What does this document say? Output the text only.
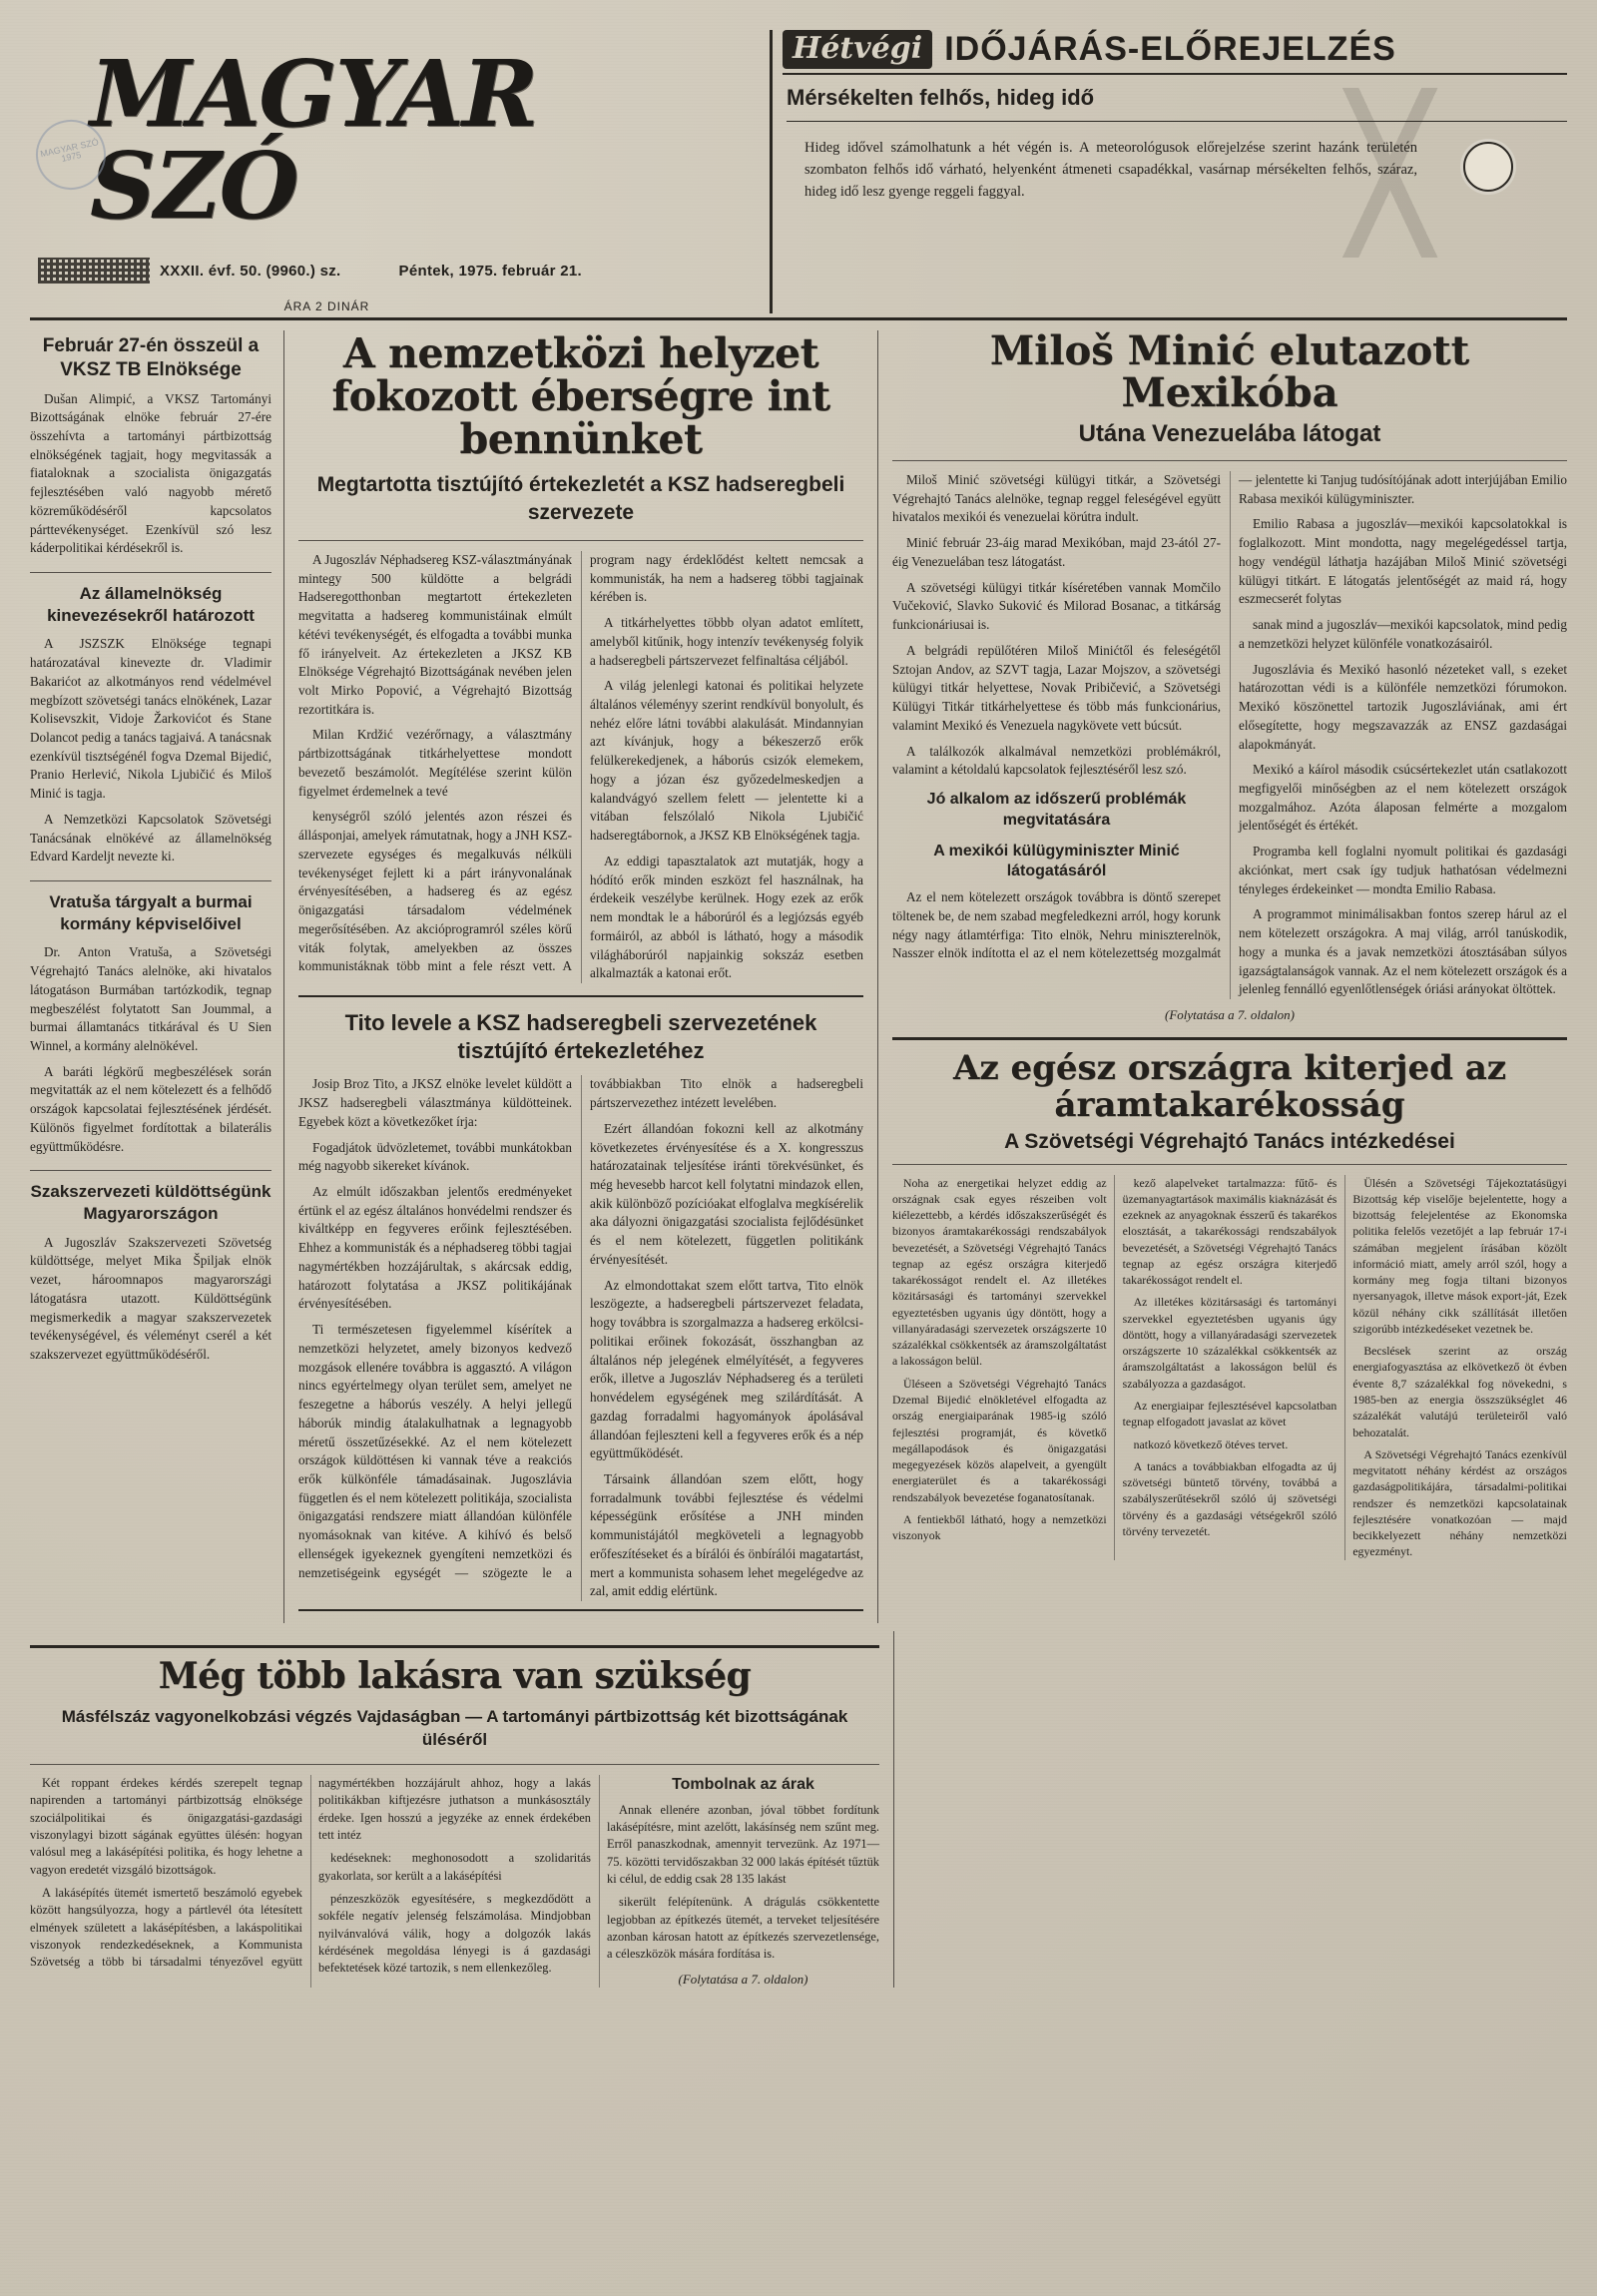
MAGYAR SZÓ 1975
MAGYAR SZÓ
XXXII. évf. 50. (9960.) sz.	Péntek, 1975. február 21.
ÁRA 2 DINÁR
Hétvégi IDŐJÁRÁS-ELŐREJELZÉS
Mérsékelten felhős, hideg idő
Hideg idővel számolhatunk a hét végén is. A meteorológusok előrejelzése szerint hazánk területén szombaton felhős idő várható, helyenként átmeneti csapadékkal, vasárnap mérsékelten felhős, száraz, hideg idő lesz gyenge reggeli faggyal.
Február 27-én összeül a VKSZ TB Elnöksége

Dušan Alimpić, a VKSZ Tartományi Bizottságának elnöke február 27-ére összehívta a tartományi pártbizottság elnökségének tagjait, hogy megvitassák a fiataloknak a szocialista önigazgatás fejlesztésében való nagyobb mérető közreműködéséről kapcsolatos párttevékenységet. Ezenkívül szó lesz káderpolitikai kérdésekről is.

Az államelnökség kinevezésekről határozott

A JSZSZK Elnöksége tegnapi határozatával kinevezte dr. Vladimir Bakarićot az alkotmányos rend védelmével megbízott szövetségi tanács elnökének, Lazar Kolisevszkit, Vidoje Žarkovićot és Stane Dolancot pedig a tanács tagjaivá. A tanácsnak ezenkívül tisztségénél fogva Dzemal Bijedić, Pranio Herlević, Nikola Ljubičić és Miloš Minić is tagja.

A Nemzetközi Kapcsolatok Szövetségi Tanácsának elnökévé az államelnökség Edvard Kardeljt nevezte ki.

Vratuša tárgyalt a burmai kormány képviselőivel

Dr. Anton Vratuša, a Szövetségi Végrehajtó Tanács alelnöke, aki hivatalos látogatáson Burmában tartózkodik, tegnap megbeszélést folytatott San Joummal, a burmai államtanács titkárával és U Sien Winnel, a kormány alelnökével.

A baráti légkörű megbeszélések során megvitatták az el nem kötelezett és a felhődő országok kapcsolatai fejlesztésének jérdését. Különös figyelmet fordítottak a bilaterális együttműködésre.

Szakszervezeti küldöttségünk Magyarországon

A Jugoszláv Szakszervezeti Szövetség küldöttsége, melyet Mika Špiljak elnök vezet, hároomnapos magyarországi látogatásra utazott. Küldöttségünk megismerkedik a magyar szakszervezetek tevékenységével, és véleményt cserél a két szakszervezet együttműködéséről.

A nemzetközi helyzet fokozott éberségre int bennünket
Megtartotta tisztújító értekezletét a KSZ hadseregbeli szervezete

A Jugoszláv Néphadsereg KSZ-választmányának mintegy 500 küldötte a belgrádi Hadseregotthonban megtartott értekezleten megvitatta a hadsereg kommunistáinak elmúlt kétévi tevékenységét, és elfogadta a további munka fő irányelveit. Az értekezleten a JKSZ KB Elnöksége Végrehajtó Bizottságának nevében jelen volt Mirko Popović, a Végrehajtó Bizottság rezortitkára is.

Milan Krdžić vezérőrnagy, a választmány pártbizottságának titkárhelyettese mondott bevezető beszámolót. Megítélése szerint külön figyelmet érdemelnek a tevé

kenységről szóló jelentés azon részei és állásponjai, amelyek rámutatnak, hogy a JNH KSZ-szervezete egységes és megalkuvás nélküli tevékenységet fejlett ki a párt irányvonalának érvényesítésében, a hadsereg és az egész önigazgatási társadalom védelmének megerősítésében. Az akcióprogramról széles körű viták folytak, amelyekben az összes kommunistáknak több mint a fele részt vett. A program nagy érdeklődést keltett nemcsak a kommunisták, ha nem a hadsereg többi tagjainak kérében is.

A titkárhelyettes többb olyan adatot említett, amelyből kitűnik, hogy intenzív tevékenység folyik a hadseregbeli pártszervezet felfinaltása céljából.

A világ jelenlegi katonai és politikai helyzete általános véleményy szerint rendkívül bonyolult, és nehéz előre látni további alakulását. Mindannyian azt kívánjuk, hogy a békeszerző erők felülkerekedjenek, a háborús csizók elemekem, hogy a józan ész győzedelmeskedjen a kalandvágyó szellem felett — jelentette ki a vitában felszólaló Nikola Ljubičić hadseregtábornok, a JKSZ KB Elnökségének tagja.

Az eddigi tapasztalatok azt mutatják, hogy a hódító erők minden eszközt fel használnak, ha érdekeik veszélybe kerülnek. Hogy ezek az erők nem mondtak le a háborúról és a legjózsás egyéb formáiról, az abból is látható, hogy a második világháborúról napjainkig sokszáz esetben alkalmazták a katonai erőt.

Tito levele a KSZ hadseregbeli szervezetének tisztújító értekezletéhez

Josip Broz Tito, a JKSZ elnöke levelet küldött a JKSZ hadseregbeli választmánya küldötteinek. Egyebek közt a következőket írja:

Fogadjátok üdvözletemet, további munkátokban még nagyobb sikereket kívánok.

Az elmúlt időszakban jelentős eredményeket értünk el az egész általános honvédelmi rendszer és kiváltképp en fegyveres erőink fejlesztésében. Ehhez a kommunisták és a néphadsereg többi tagjai nagymértékben hozzájárultak, s akárcsak eddig, határozott folytatása a JKSZ politikájának érvényesítésében.

Ti természetesen figyelemmel kísérítek a nemzetközi helyzetet, amely bizonyos kedvező mozgások ellenére továbbra is aggasztó. A világon nincs egyértelmegy olyan terület sem, amelyet ne feszegetne a háborús veszély. A helyi jellegű háborúk mindig átalakulhatnak a legnagyobb méretű összetűzésekké. Az el nem kötelezett országok küldöttésen ki vannak téve a reakciós erők külkönféle támadásainak. Jugoszlávia független és el nem kötelezett politikája, szocialista önigazgatási rendszere miatt állandóan különféle nyomásoknak van kitéve. A kihívó és belső ellenségek igyekeznek gyengíteni nemzetközi és nemzetiségeink egységét — szögezte le a továbbiakban Tito elnök a hadseregbeli pártszervezethez intézett levelében.

Ezért állandóan fokozni kell az alkotmány következetes érvényesítése és a X. kongresszus határozatainak teljesítése iránti törekvésünket, és még hevesebb harcot kell folytatni mindazok ellen, akik különböző pozícióakat elfoglalva megkísérelik aka dályozni önigazgatási szocialista fejlődésünket és el nem kötelezett, független politikánk érvényesítését.

Az elmondottakat szem előtt tartva, Tito elnök leszögezte, a hadseregbeli pártszervezet feladata, hogy továbbra is szorgalmazza a hadsereg erkölcsi-politikai erőinek fokozását, összhangban az általános nép jelegének elmélyítését, a fegyveres erők, illetve a Jugoszláv Néphadsereg és a területi honvédelem egységének meg szilárdítását. A gazdag forradalmi hagyományok ápolásával állandóan fejleszteni kell a fegyveres erők és a nép együttműködését.

Társaink állandóan szem előtt, hogy forradalmunk további fejlesztése és védelmi képességünk erősítése a JNH minden kommunistájától megköveteli a legnagyobb erőfeszítéseket és a bírálói és önbírálói magatartást, mert a kommunista sohasem lehet megelégedve az zal, amit eddig elértünk.

Miloš Minić elutazott Mexikóba
Utána Venezuelába látogat

Miloš Minić szövetségi külügyi titkár, a Szövetségi Végrehajtó Tanács alelnöke, tegnap reggel feleségével együtt hivatalos mexikói és venezuelai körútra indult.

Minić február 23-áig marad Mexikóban, majd 23-ától 27-éig Venezuelában tesz látogatást.

A szövetségi külügyi titkár kíséretében vannak Momčilo Vučeković, Slavko Suković és Milorad Bosanac, a titkárság funkcionáriusai is.

A belgrádi repülőtéren Miloš Minićtől és feleségétől Sztojan Andov, az SZVT tagja, Lazar Mojszov, a szövetségi külügyi titkár helyettese, Novak Pribičević, a Szövetségi Külügyi Titkár titkárhelyettese és több más funkcionárius, valamint Mexikó és Venezuela nagykövete vett búcsút.

A találkozók alkalmával nemzetközi problémákról, valamint a kétoldalú kapcsolatok fejlesztéséről lesz szó.

Jó alkalom az időszerű problémák megvitatására
A mexikói külügyminiszter Minić látogatásáról

Az el nem kötelezett országok továbbra is döntő szerepet töltenek be, de nem szabad megfeledkezni arról, hogy korunk négy nagy átlamtérfiga: Tito elnök, Nehru miniszterelnök, Nasszer elnök indította el az el nem kötelezettség mozgalmát — jelentette ki Tanjug tudósítójának adott interjújában Emilio Rabasa mexikói külügyminiszter.

Emilio Rabasa a jugoszláv—mexikói kapcsolatokkal is foglalkozott. Mint mondotta, nagy megelégedéssel tartja, hogy vendégül láthatja hazájában Miloš Minić szövetségi külügyi titkárt. E látogatás jelentőségét az maid rá, hogy eszmecserét folytas

sanak mind a jugoszláv—mexikói kapcsolatok, mind pedig a nemzetközi helyzet különféle vonatkozásairól.

Jugoszlávia és Mexikó hasonló nézeteket vall, s ezeket határozottan védi is a különféle nemzetközi fórumokon. Mexikó köszönettel tartozik Jugoszláviának, ami ért elősegítette, hogy megszavazzák az ENSZ gazdaságai alapokmányát.

Mexikó a káírol második csúcsértekezlet után csatlakozott megfigyelői minőségben az el nem kötelezett országok mozgalmához. Azóta álaposan felmérte a mozgalom jelentőségét és értékét.

Programba kell foglalni nyomult politikai és gazdasági akciónkat, mert csak így tudjuk hathatósan védelmezni tényleges érdekeinket — mondta Emilio Rabasa.

A programmot minimálisakban fontos szerep hárul az el nem kötelezett országokra. A maj világ, arról tanúskodik, hogy a munka és a javak nemzetközi átosztásában súlyos igazságtalanságok vannak. Az el nem kötelezett országok és a jelenleg fennálló egyenlőtlenségek óriási arányokat öltöttek.

(Folytatása a 7. oldalon)
Az egész országra kiterjed az áramtakarékosság
A Szövetségi Végrehajtó Tanács intézkedései

Noha az energetikai helyzet eddig az országnak csak egyes részeiben volt kiélezettebb, a kérdés időszakszerűségét és bizonyos áramtakarékossági rendszabályok bevezetését, a Szövetségi Végrehajtó Tanács tegnap az egész országra kiterjedő takarékosságot rendelt el. Az illetékes közitársasági és tartományi szervekkel egyeztetésben ugyanis úgy döntött, hogy a villanyáradasági szervezetek országszerte 10 százalékkal csökkentsék az áramszolgáltatást a lakosságon belül.

Üléseen a Szövetségi Végrehajtó Tanács Dzemal Bijedić elnökletével elfogadta az ország energiaiparának 1985-ig szóló fejlesztési programját, és követkő megállapodások és önigazgatási megegyezések közös alapelveit, a gyengült energiaterület és a takarékossági rendszabályok bevezetése foganatosítanak.

A fentiekből látható, hogy a nemzetközi viszonyok

kező alapelveket tartalmazza: fűtő- és üzemanyagtartások maximális kiaknázását és ezeknek az anyagoknak ésszerű és takarékos elosztását, a takarékossági rendszabályok bevezetését, a Szövetségi Végrehajtó Tanács tegnap az egész országra kiterjedő takarékosságot rendelt el.

Az illetékes közitársasági és tartományi szervekkel egyeztetésben ugyanis úgy döntött, hogy a villanyáradasági szervezetek országszerte 10 százalékkal csökkentsék az áramszolgáltatást a lakosságon belül és szabályozza a gazdaságot.

Az energiaipar fejlesztésével kapcsolatban tegnap elfogadott javaslat az követ

natkozó következő ötéves tervet.

A tanács a továbbiakban elfogadta az új szövetségi büntető törvény, továbbá a szabályszerűtésekről szóló új szövetségi törvény és a gazdasági vétségekről szóló törvény tervezetét.

Ülésén a Szövetségi Tájekoztatásügyi Bizottság kép viselője bejelentette, hogy a bizottság felejelentése az Ekonomska politika felelős vezetőjét a lap február 17-i számában megjelent írásában közölt információ miatt, amely arról szól, hogy a kormány meg fogja tiltani bizonyos nyersanyagok, illetve mások export-ját, Ezek közül néhány cikk szállítását illetően szigorúbb intézkedéseket vezetnek be.

Becslések szerint az ország energiafogyasztása az elkövetkező öt évben évente 8,7 százalékkal fog növekedni, s 1985-ben az energia összszükséglet 46 százalékát valutájú területeiről való behozatalát.

A Szövetségi Végrehajtó Tanács ezenkívül megvitatott néhány kérdést az országos gazdaságpolitikájára, társadalmi-politikai rendszer és nemzetközi kapcsolatainak fejlesztésére vonatkozóan — majd becikkelyezett néhány nemzetközi egyezményt.

Még több lakásra van szükség
Másfélszáz vagyonelkobzási végzés Vajdaságban — A tartományi pártbizottság két bizottságának üléséről

Két roppant érdekes kérdés szerepelt tegnap napirenden a tartományi pártbizottság elnöksége szociálpolitikai és önigazgatási-gazdasági viszonylagyi bizott ságának együttes ülésén: hogyan valósul meg a lakásépítési politika, és hogy lehetne a vagyon eredetét vizsgáló bizottságok.

A lakásépítés ütemét ismertető beszámoló egyebek között hangsúlyozza, hogy a pártlevél óta létesített elmények született a lakásépítésben, a lakáspolitikai viszonyok rendezkedéseknek, a Kommunista Szövetség a több bi társadalmi tényezővel együtt nagymértékben hozzájárult ahhoz, hogy a lakás politikákban kiftjezésre juthatson a munkásosztály érdeke. Igen hosszú a jegyzéke az ennek érdekében tett intéz

kedéseknek: meghonosodott a szolidaritás gyakorlata, sor került a a lakásépítési

pénzeszközök egyesítésére, s megkezdődött a sokféle negatív jelenség felszámolása. Mindjobban nyilvánvalóvá válik, hogy a dolgozók lakás kérdésének megoldása lényegi is á gazdasági befektetések közé tartozik, s nem ellenkezőleg.

Tombolnak az árak

Annak ellenére azonban, jóval többet fordítunk lakásépítésre, mint azelőtt, lakásínség nem szűnt meg. Erről panaszkodnak, amennyit tervezünk. Az 1971—75. közötti tervidőszakban 32 000 lakás építését tűztük ki célul, de eddig csak 28 135 lakást

sikerült felépítenünk. A drágulás csökkentette legjobban az építkezés ütemét, a terveket teljesítésére azonban károsan hatott az építkezés szervezetlensége, a céleszközök mására fordítása is.

(Folytatása a 7. oldalon)
